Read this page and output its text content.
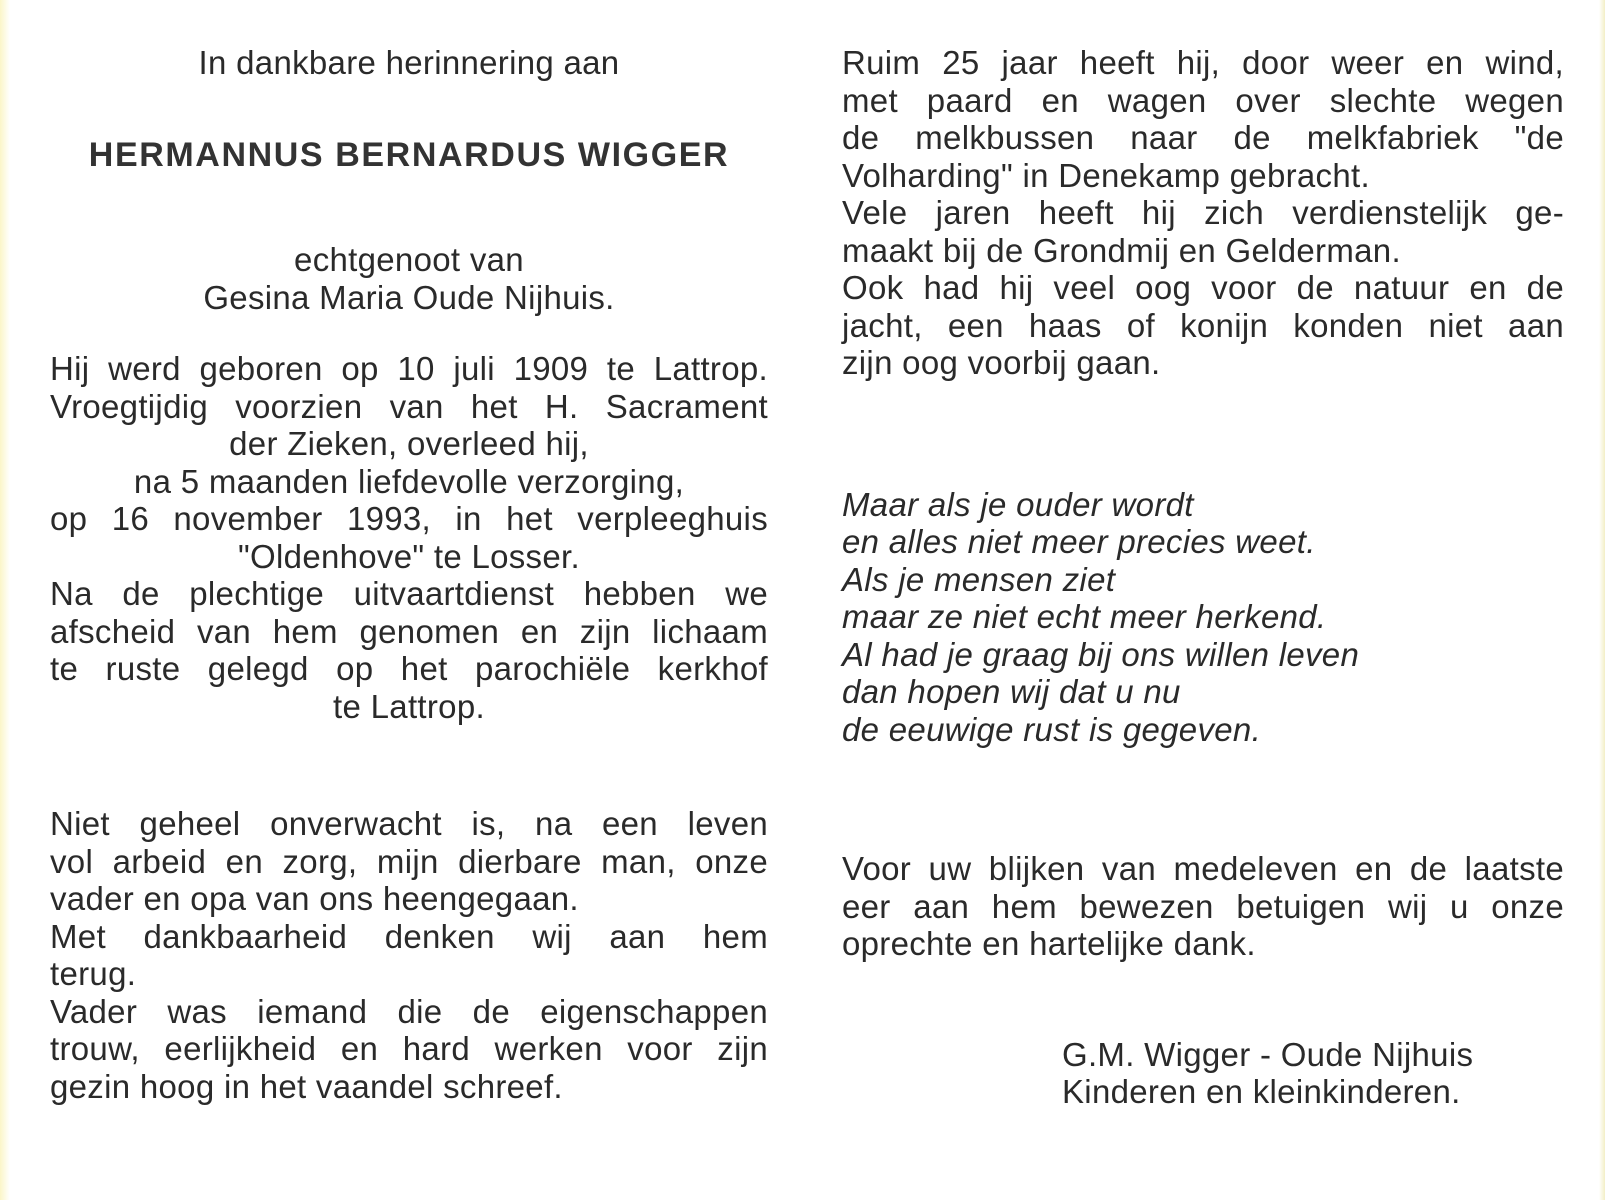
In dankbare herinnering aan
HERMANNUS BERNARDUS WIGGER
echtgenoot van
Gesina Maria Oude Nijhuis.
Hij werd geboren op 10 juli 1909 te Lattrop.
Vroegtijdig voorzien van het H. Sacrament
der Zieken, overleed hij,
na 5 maanden liefdevolle verzorging,
op 16 november 1993, in het verpleeghuis
"Oldenhove" te Losser.
Na de plechtige uitvaartdienst hebben we
afscheid van hem genomen en zijn lichaam
te ruste gelegd op het parochiële kerkhof
te Lattrop.
Niet geheel onverwacht is, na een leven
vol arbeid en zorg, mijn dierbare man, onze
vader en opa van ons heengegaan.
Met dankbaarheid denken wij aan hem
terug.
Vader was iemand die de eigenschappen
trouw, eerlijkheid en hard werken voor zijn
gezin hoog in het vaandel schreef.
Ruim 25 jaar heeft hij, door weer en wind,
met paard en wagen over slechte wegen
de melkbussen naar de melkfabriek "de
Volharding" in Denekamp gebracht.
Vele jaren heeft hij zich verdienstelijk ge-
maakt bij de Grondmij en Gelderman.
Ook had hij veel oog voor de natuur en de
jacht, een haas of konijn konden niet aan
zijn oog voorbij gaan.
Maar als je ouder wordt
en alles niet meer precies weet.
Als je mensen ziet
maar ze niet echt meer herkend.
Al had je graag bij ons willen leven
dan hopen wij dat u nu
de eeuwige rust is gegeven.
Voor uw blijken van medeleven en de laatste
eer aan hem bewezen betuigen wij u onze
oprechte en hartelijke dank.
G.M. Wigger - Oude Nijhuis
Kinderen en kleinkinderen.
